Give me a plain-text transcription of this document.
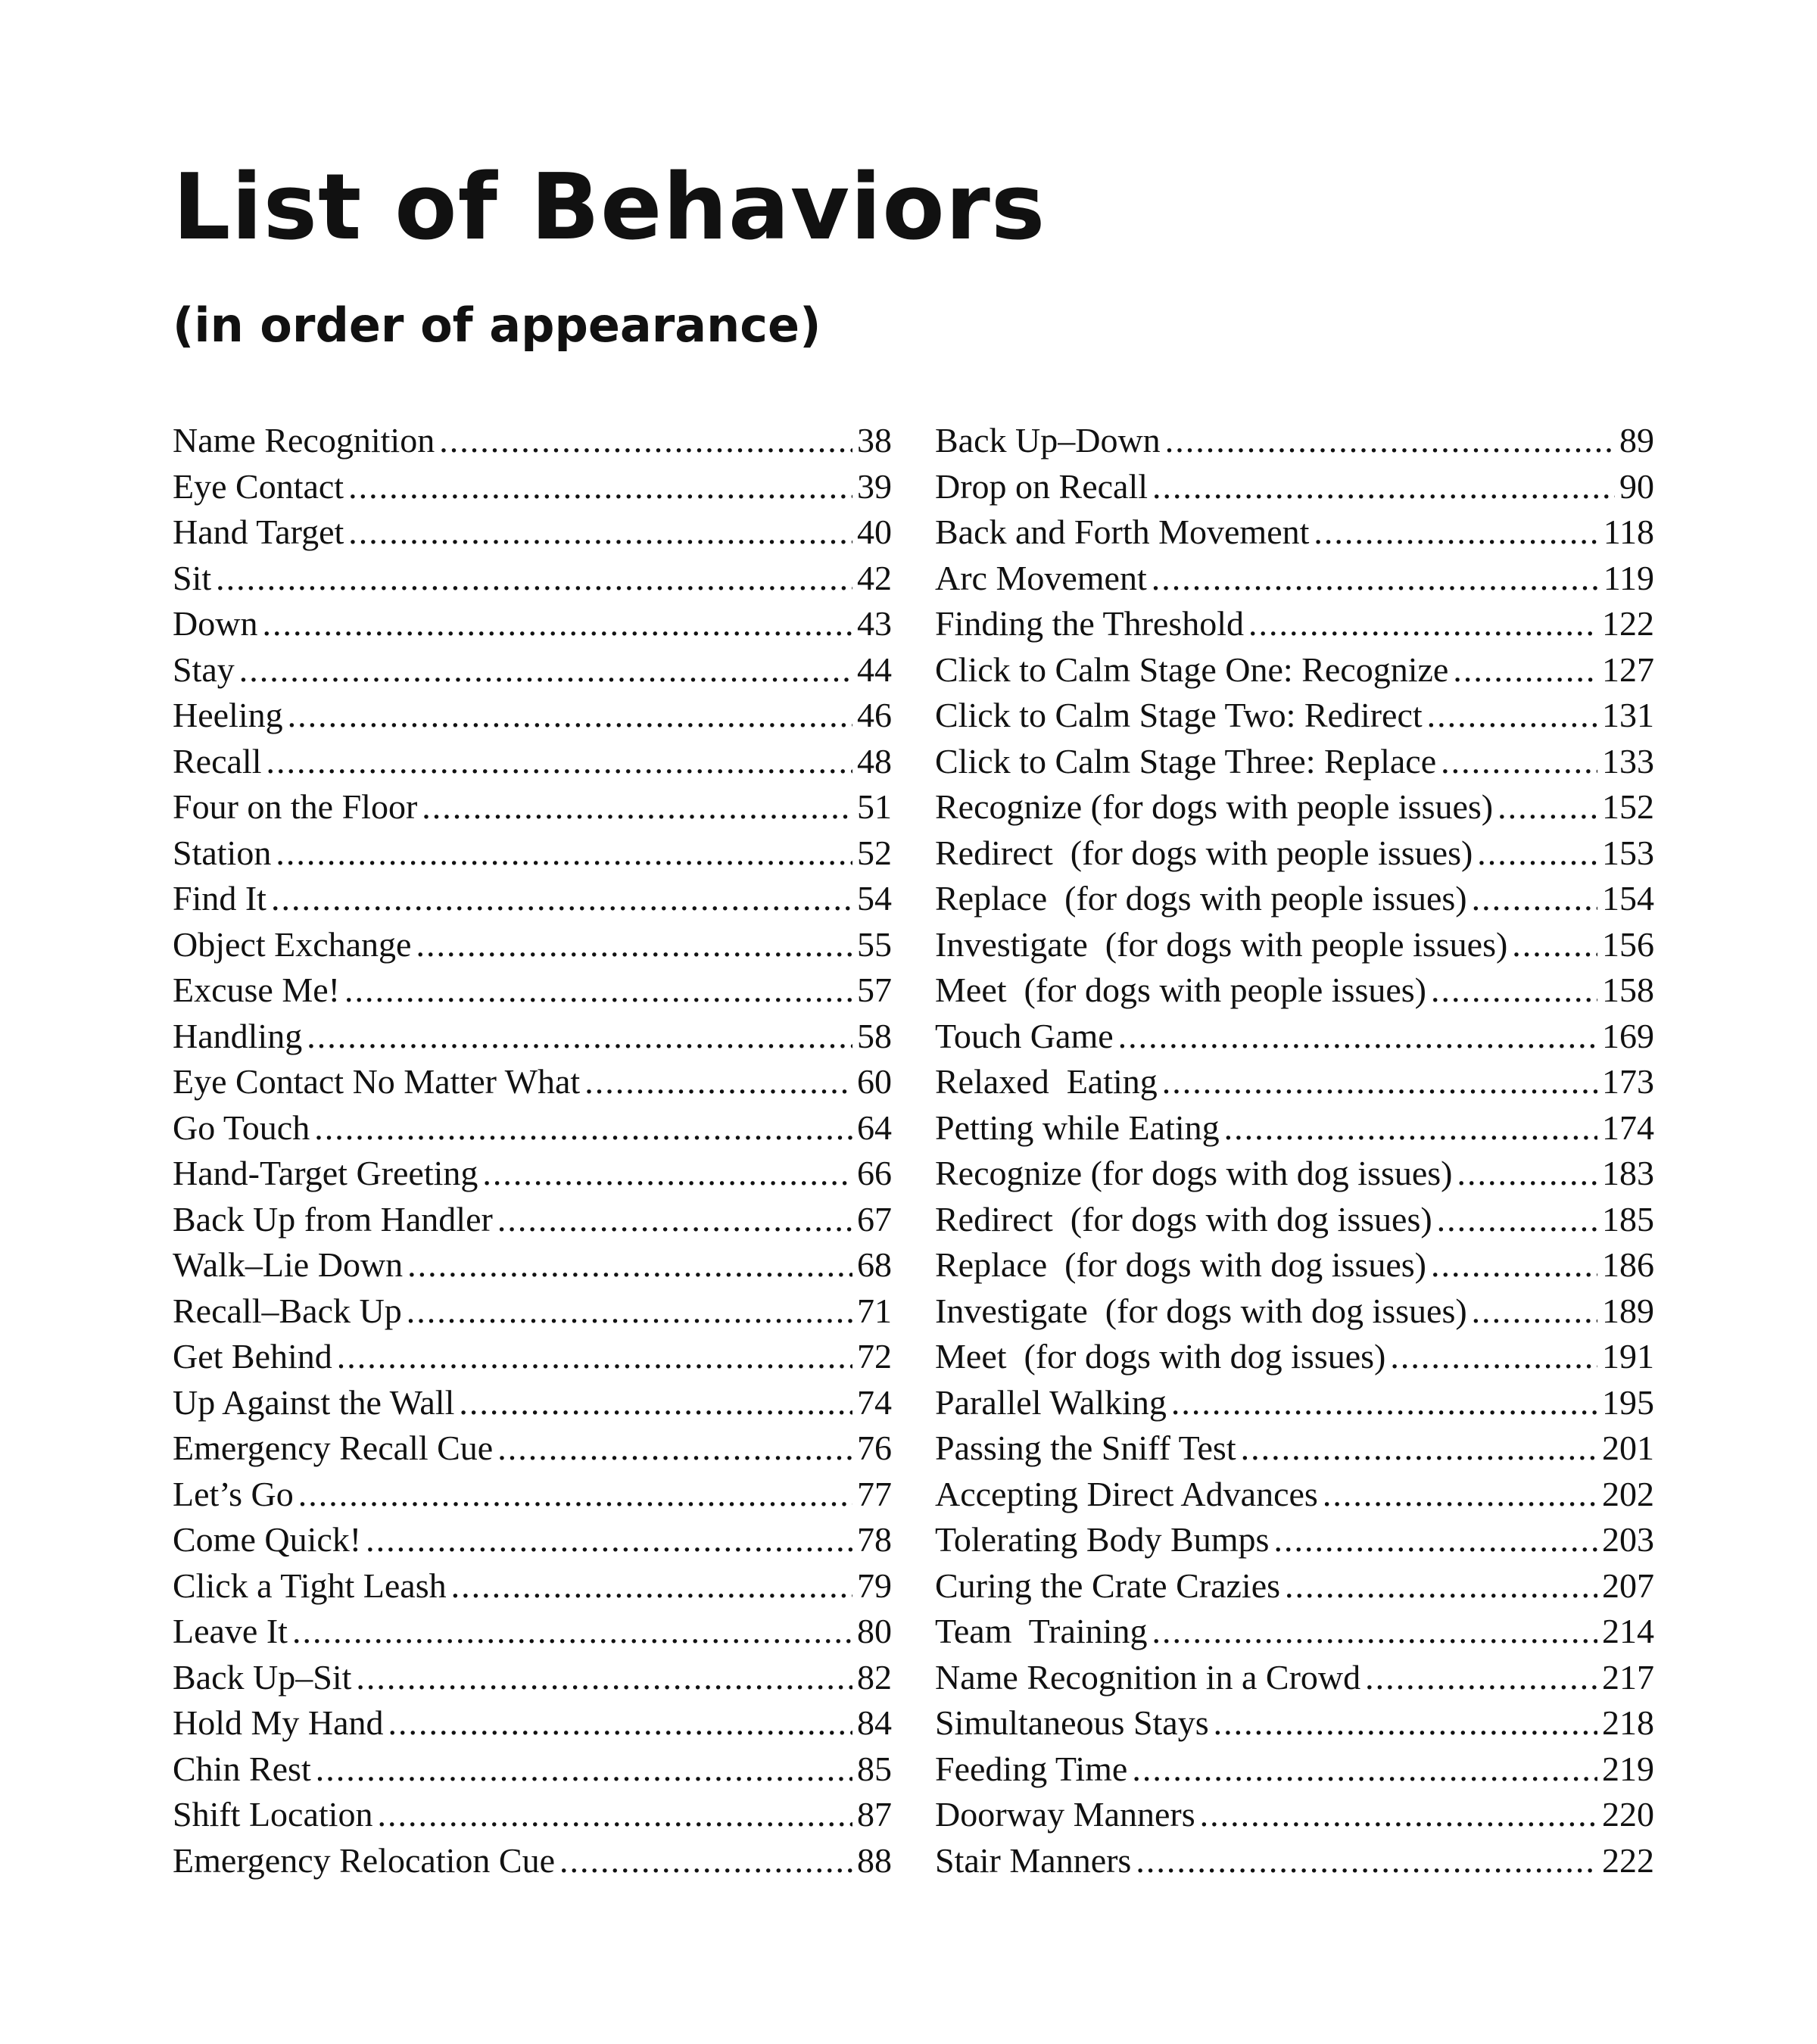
List of Behaviors
(in order of appearance)
Name Recognition .....	38
Eye Contact .....	39
Hand Target .....	40
Sit .....	42
Down .....	43
Stay .....	44
Heeling .....	46
Recall .....	48
Four on the Floor .....	51
Station .....	52
Find It .....	54
Object Exchange .....	55
Excuse Me! .....	57
Handling .....	58
Eye Contact No Matter What .....	60
Go Touch .....	64
Hand-Target Greeting .....	66
Back Up from Handler .....	67
Walk–Lie Down .....	68
Recall–Back Up .....	71
Get Behind .....	72
Up Against the Wall .....	74
Emergency Recall Cue .....	76
Let’s Go .....	77
Come Quick! .....	78
Click a Tight Leash .....	79
Leave It .....	80
Back Up–Sit .....	82
Hold My Hand .....	84
Chin Rest .....	85
Shift Location .....	87
Emergency Relocation Cue .....	88
Back Up–Down .....	89
Drop on Recall .....	90
Back and Forth Movement .....	118
Arc Movement .....	119
Finding the Threshold .....	122
Click to Calm Stage One: Recognize .....	127
Click to Calm Stage Two: Redirect .....	131
Click to Calm Stage Three: Replace .....	133
Recognize (for dogs with people issues) .....	152
Redirect  (for dogs with people issues) .....	153
Replace  (for dogs with people issues) .....	154
Investigate  (for dogs with people issues) .....	156
Meet  (for dogs with people issues) .....	158
Touch Game .....	169
Relaxed  Eating .....	173
Petting while Eating .....	174
Recognize (for dogs with dog issues) .....	183
Redirect  (for dogs with dog issues) .....	185
Replace  (for dogs with dog issues) .....	186
Investigate  (for dogs with dog issues) .....	189
Meet  (for dogs with dog issues) .....	191
Parallel Walking .....	195
Passing the Sniff Test .....	201
Accepting Direct Advances .....	202
Tolerating Body Bumps .....	203
Curing the Crate Crazies .....	207
Team  Training .....	214
Name Recognition in a Crowd .....	217
Simultaneous Stays .....	218
Feeding Time .....	219
Doorway Manners .....	220
Stair Manners .....	222
